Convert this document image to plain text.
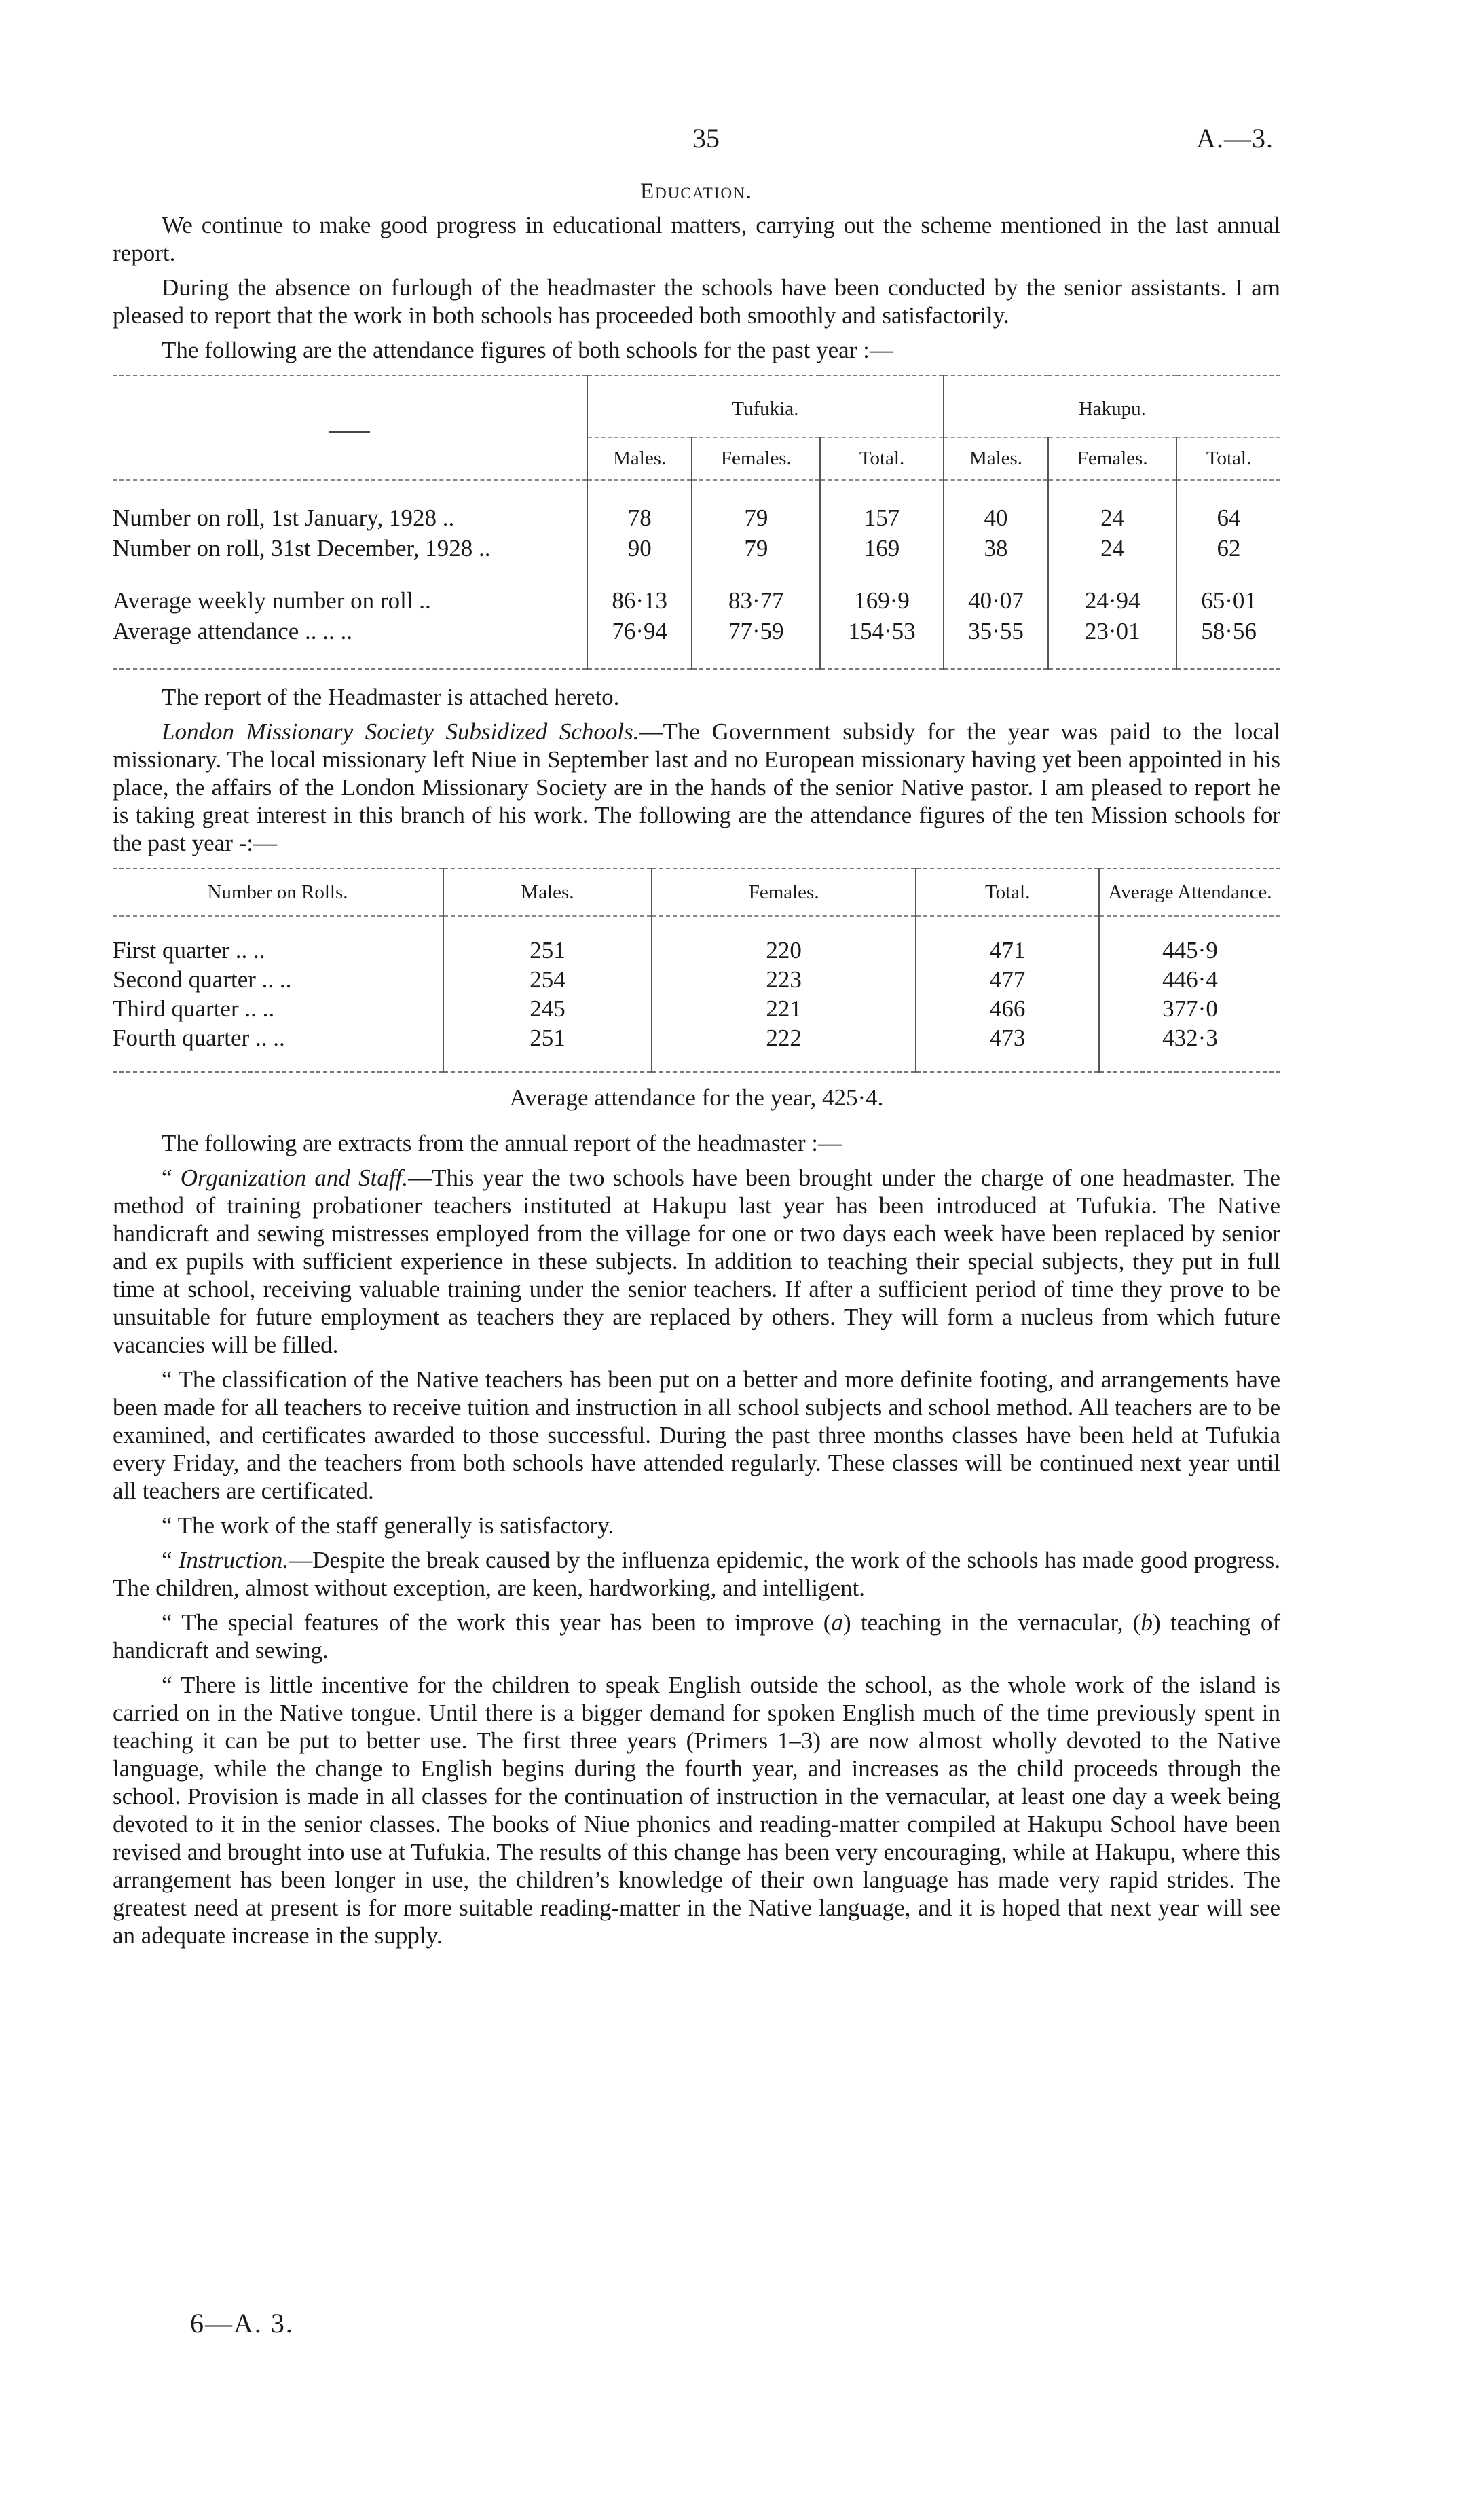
35	A.—3.
Education.

We continue to make good progress in educational matters, carrying out the scheme mentioned in the last annual report.

During the absence on furlough of the headmaster the schools have been conducted by the senior assistants. I am pleased to report that the work in both schools has proceeded both smoothly and satisfactorily.

The following are the attendance figures of both schools for the past year :—

	Tufukia.			Hakupu.		
	Males.	Females.	Total.	Males.	Females.	Total.

Number on roll, 1st January, 1928 ..	78	79	157	40	24	64
Number on roll, 31st December, 1928 ..	90	79	169	38	24	62

Average weekly number on roll ..	86·13	83·77	169·9	40·07	24·94	65·01
Average attendance .. .. ..	76·94	77·59	154·53	35·55	23·01	58·56

The report of the Headmaster is attached hereto.

London Missionary Society Subsidized Schools.—The Government subsidy for the year was paid to the local missionary. The local missionary left Niue in September last and no European missionary having yet been appointed in his place, the affairs of the London Missionary Society are in the hands of the senior Native pastor. I am pleased to report he is taking great interest in this branch of his work. The following are the attendance figures of the ten Mission schools for the past year -:—

Number on Rolls.	Males.	Females.	Total.	Average Attendance.

First quarter .. ..	251	220	471	445·9
Second quarter .. ..	254	223	477	446·4
Third quarter .. ..	245	221	466	377·0
Fourth quarter .. ..	251	222	473	432·3

Average attendance for the year, 425·4.

The following are extracts from the annual report of the headmaster :—

“ Organization and Staff.—This year the two schools have been brought under the charge of one headmaster. The method of training probationer teachers instituted at Hakupu last year has been introduced at Tufukia. The Native handicraft and sewing mistresses employed from the village for one or two days each week have been replaced by senior and ex pupils with sufficient experience in these subjects. In addition to teaching their special subjects, they put in full time at school, receiving valuable training under the senior teachers. If after a sufficient period of time they prove to be unsuitable for future employment as teachers they are replaced by others. They will form a nucleus from which future vacancies will be filled.

“ The classification of the Native teachers has been put on a better and more definite footing, and arrangements have been made for all teachers to receive tuition and instruction in all school subjects and school method. All teachers are to be examined, and certificates awarded to those successful. During the past three months classes have been held at Tufukia every Friday, and the teachers from both schools have attended regularly. These classes will be continued next year until all teachers are certificated.

“ The work of the staff generally is satisfactory.

“ Instruction.—Despite the break caused by the influenza epidemic, the work of the schools has made good progress. The children, almost without exception, are keen, hardworking, and intelligent.

“ The special features of the work this year has been to improve (a) teaching in the vernacular, (b) teaching of handicraft and sewing.

“ There is little incentive for the children to speak English outside the school, as the whole work of the island is carried on in the Native tongue. Until there is a bigger demand for spoken English much of the time previously spent in teaching it can be put to better use. The first three years (Primers 1–3) are now almost wholly devoted to the Native language, while the change to English begins during the fourth year, and increases as the child proceeds through the school. Provision is made in all classes for the continuation of instruction in the vernacular, at least one day a week being devoted to it in the senior classes. The books of Niue phonics and reading-matter compiled at Hakupu School have been revised and brought into use at Tufukia. The results of this change has been very encouraging, while at Hakupu, where this arrangement has been longer in use, the children’s knowledge of their own language has made very rapid strides. The greatest need at present is for more suitable reading-matter in the Native language, and it is hoped that next year will see an adequate increase in the supply.

6—A. 3.
